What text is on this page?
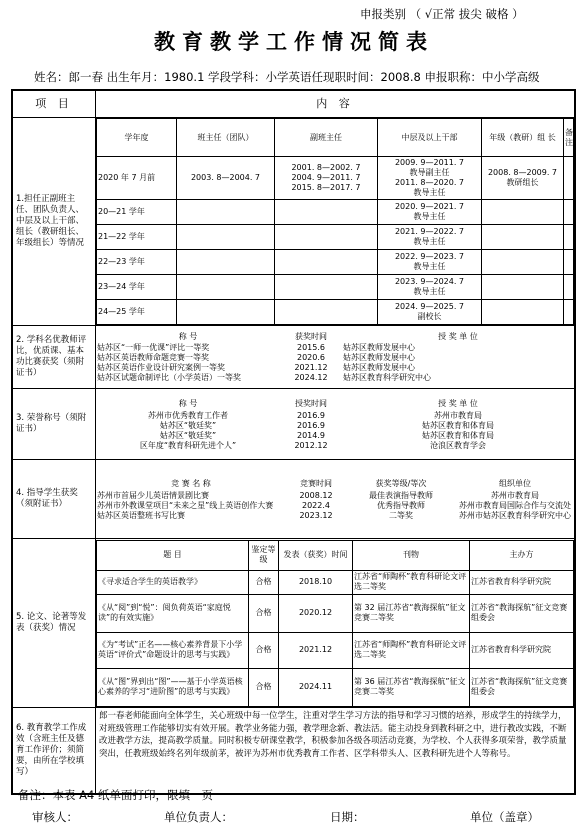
申报类别 （ √正常 拔尖 破格 ）
教育教学工作情况简表
姓名：郎一春 出生年月：1980.1 学段学科：小学英语任现职时间：2008.8 申报职称：中小学高级
项 目	内 容
1.担任正副班主任、团队负责人、中层及以上干部、组长（教研组长、年级组长）等情况	
学年度	班主任（团队）	副班主任	中层及以上干部	年级（教研）组 长	备注
2020 年 7 月前	2003. 8—2004. 7	2001. 8—2002. 7
2004. 9—2011. 7
2015. 8—2017. 7	2009. 9—2011. 7
教导副主任
2011. 8—2020. 7
教导主任	2008. 8—2009. 7
教研组长	
20—21 学年			2020. 9—2021. 7
教导主任		
21—22 学年			2021. 9—2022. 7
教导主任		
22—23 学年			2022. 9—2023. 7
教导主任		
23—24 学年			2023. 9—2024. 7
教导主任		
24—25 学年			2024. 9—2025. 7
副校长		

2. 学科名优教师评比，优质课、基本功比赛获奖（须附证书）	
称 号	获奖时间	授 奖 单 位
姑苏区“一师一优课”评比一等奖	2015.6	姑苏区教师发展中心
姑苏区英语教师命题竞赛一等奖	2020.6	姑苏区教师发展中心
姑苏区英语作业设计研究案例一等奖	2021.12	姑苏区教师发展中心
姑苏区试题命制评比（小学英语）一等奖	2024.12	姑苏区教育科学研究中心

3. 荣誉称号（须附证书）	
称 号	授奖时间	授 奖 单 位
苏州市优秀教育工作者	2016.9	苏州市教育局
姑苏区“敬廷奖”	2016.9	姑苏区教育和体育局
姑苏区“敬廷奖”	2014.9	姑苏区教育和体育局
区年度“教育科研先进个人”	2012.12	沧浪区教育学会

4. 指导学生获奖（须附证书）	
竞 赛 名 称	竞赛时间	获奖等级/等次	组织单位
苏州市首届少儿英语情景剧比赛	2008.12	最佳表演指导教师	苏州市教育局
苏州市外教课堂项目“未来之星”线上英语创作大赛	2022.4	优秀指导教师	苏州市教育局国际合作与交流处
姑苏区英语整班书写比赛	2023.12	二等奖	苏州市姑苏区教育科学研究中心

5. 论文、论著等发表（获奖）情况	
题 目	鉴定等级	发表（获奖）时间	刊物	主办方
《寻求适合学生的英语教学》	合格	2018.10	江苏省“师陶杯”教育科研论文评选二等奖	江苏省教育科学研究院
《从“阅”到“悦”：阅负荷英语“家庭悦读”的有效实施》	合格	2020.12	第 32 届江苏省“教海探航”征文竞赛二等奖	江苏省“教海探航”征文竞赛组委会
《为“考试”正名——核心素养背景下小学英语“评价式”命题设计的思考与实践》	合格	2021.12	江苏省“师陶杯”教育科研论文评选二等奖	江苏省教育科学研究院
《从“图”界到出“图”——基于小学英语核心素养的学习“进阶图”的思考与实践》	合格	2024.11	第 36 届江苏省“教海探航”征文竞赛二等奖	江苏省“教海探航”征文竞赛组委会

6. 教育教学工作成效（含班主任及德育工作评价；须简要，由所在学校填写）	郎一春老师能面向全体学生，关心班级中每一位学生，注重对学生学习方法的指导和学习习惯的培养，形成学生的持续学力，对班级管理工作能够切实有效开展。教学业务能力强，教学理念新、教法活。能主动投身到教科研之中，进行教改实践，不断改进教学方法，提高教学质量。同时积极专研课堂教学，积极参加各级各项活动竞赛，为学校、个人获得多项荣誉，教学质量突出，任教班级始终名列年级前茅，被评为苏州市优秀教育工作者、区学科带头人、区教科研先进个人等称号。
备注：本表 A4 纸单面打印，限填一页
审核人：	单位负责人：	日期：	单位（盖章）
